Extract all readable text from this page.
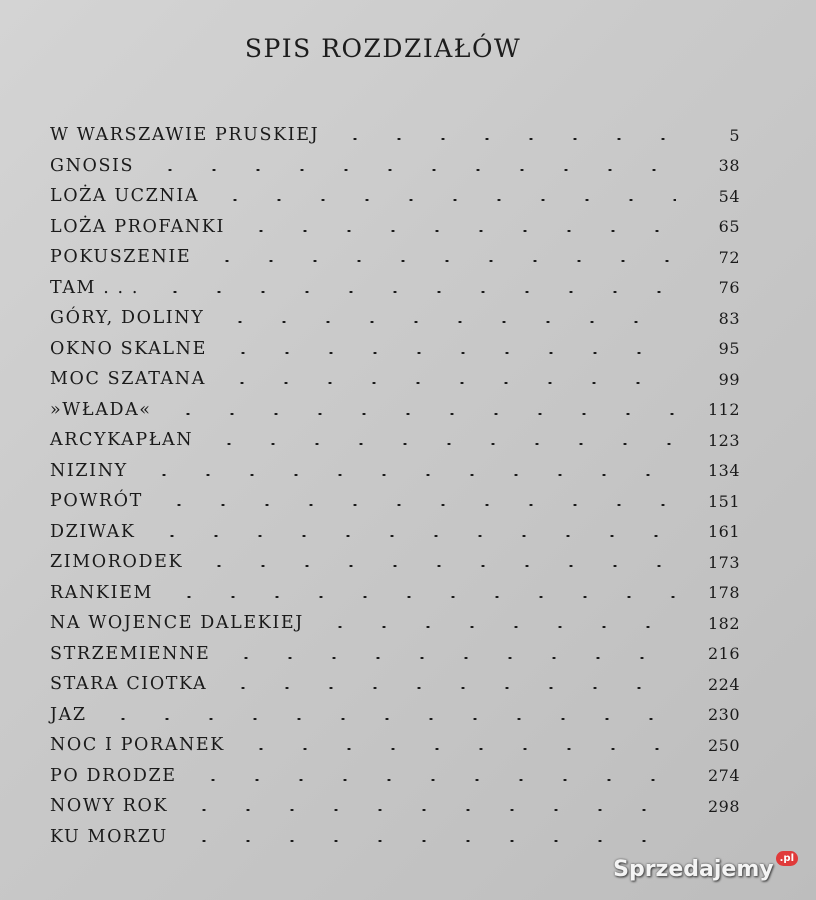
SPIS ROZDZIAŁÓW
W WARSZAWIE PRUSKIEJ	5
GNOSIS	38
LOŻA UCZNIA	54
LOŻA PROFANKI	65
POKUSZENIE	72
TAM . . .	76
GÓRY, DOLINY	83
OKNO SKALNE	95
MOC SZATANA	99
»WŁADA«	112
ARCYKAPŁAN	123
NIZINY	134
POWRÓT	151
DZIWAK	161
ZIMORODEK	173
RANKIEM	178
NA WOJENCE DALEKIEJ	182
STRZEMIENNE	216
STARA CIOTKA	224
JAZ	230
NOC I PORANEK	250
PO DRODZE	274
NOWY ROK	298
KU MORZU
Sprzedajemy .pl
